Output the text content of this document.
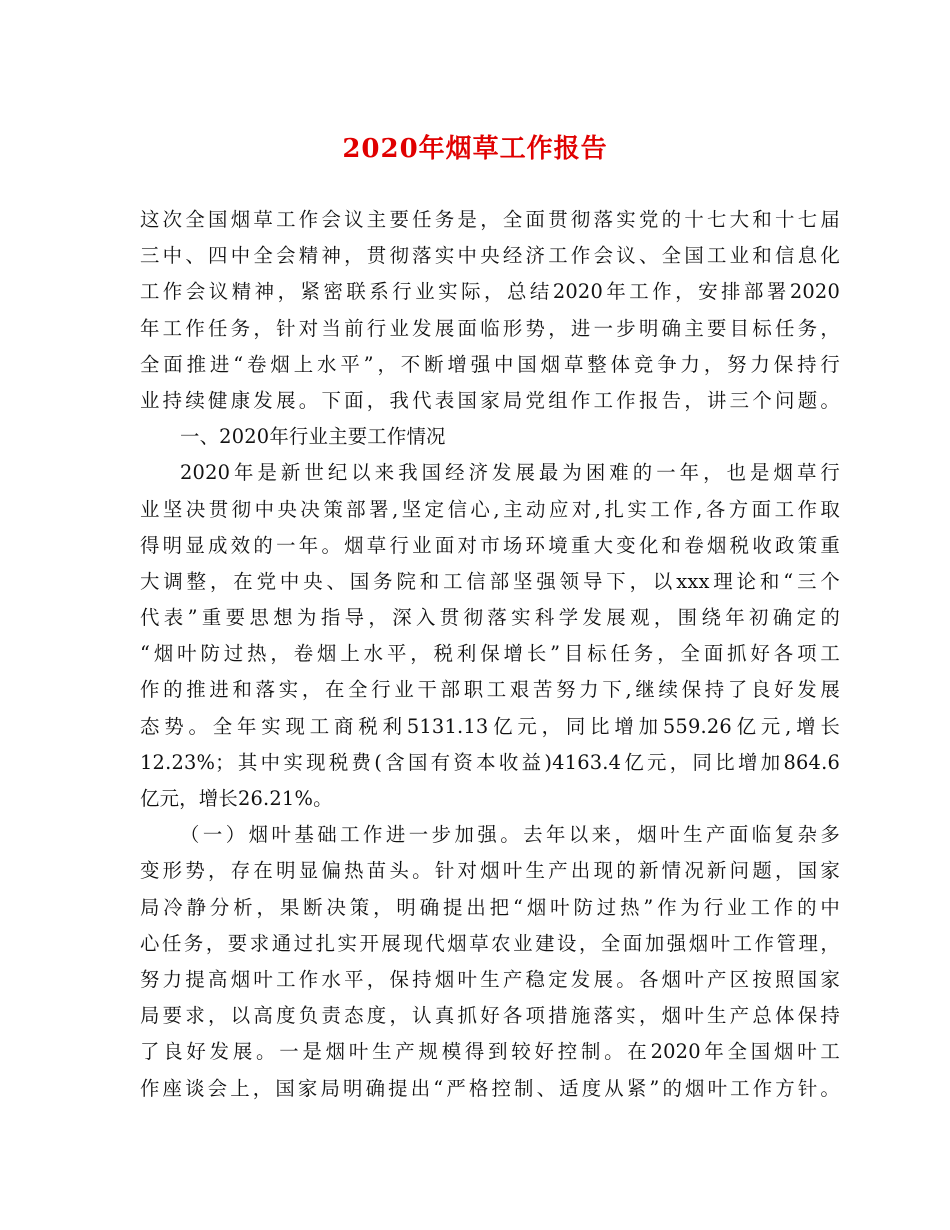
2020年烟草工作报告
这次全国烟草工作会议主要任务是，全面贯彻落实党的十七大和十七届
三中、四中全会精神，贯彻落实中央经济工作会议、全国工业和信息化
工作会议精神，紧密联系行业实际，总结2020年工作，安排部署2020
年工作任务，针对当前行业发展面临形势，进一步明确主要目标任务，
全面推进“卷烟上水平”，不断增强中国烟草整体竞争力，努力保持行
业持续健康发展。下面，我代表国家局党组作工作报告，讲三个问题。
一、2020年行业主要工作情况
2020年是新世纪以来我国经济发展最为困难的一年，也是烟草行
业坚决贯彻中央决策部署,坚定信心,主动应对,扎实工作,各方面工作取
得明显成效的一年。烟草行业面对市场环境重大变化和卷烟税收政策重
大调整，在党中央、国务院和工信部坚强领导下，以xxx理论和“三个
代表”重要思想为指导，深入贯彻落实科学发展观，围绕年初确定的
“烟叶防过热，卷烟上水平，税利保增长”目标任务，全面抓好各项工
作的推进和落实，在全行业干部职工艰苦努力下,继续保持了良好发展
态势。全年实现工商税利5131.13亿元，同比增加559.26亿元,增长
12.23%；其中实现税费(含国有资本收益)4163.4亿元，同比增加864.6
亿元，增长26.21%。
（一）烟叶基础工作进一步加强。去年以来，烟叶生产面临复杂多
变形势，存在明显偏热苗头。针对烟叶生产出现的新情况新问题，国家
局冷静分析，果断决策，明确提出把“烟叶防过热”作为行业工作的中
心任务，要求通过扎实开展现代烟草农业建设，全面加强烟叶工作管理，
努力提高烟叶工作水平，保持烟叶生产稳定发展。各烟叶产区按照国家
局要求，以高度负责态度，认真抓好各项措施落实，烟叶生产总体保持
了良好发展。一是烟叶生产规模得到较好控制。在2020年全国烟叶工
作座谈会上，国家局明确提出“严格控制、适度从紧”的烟叶工作方针。
